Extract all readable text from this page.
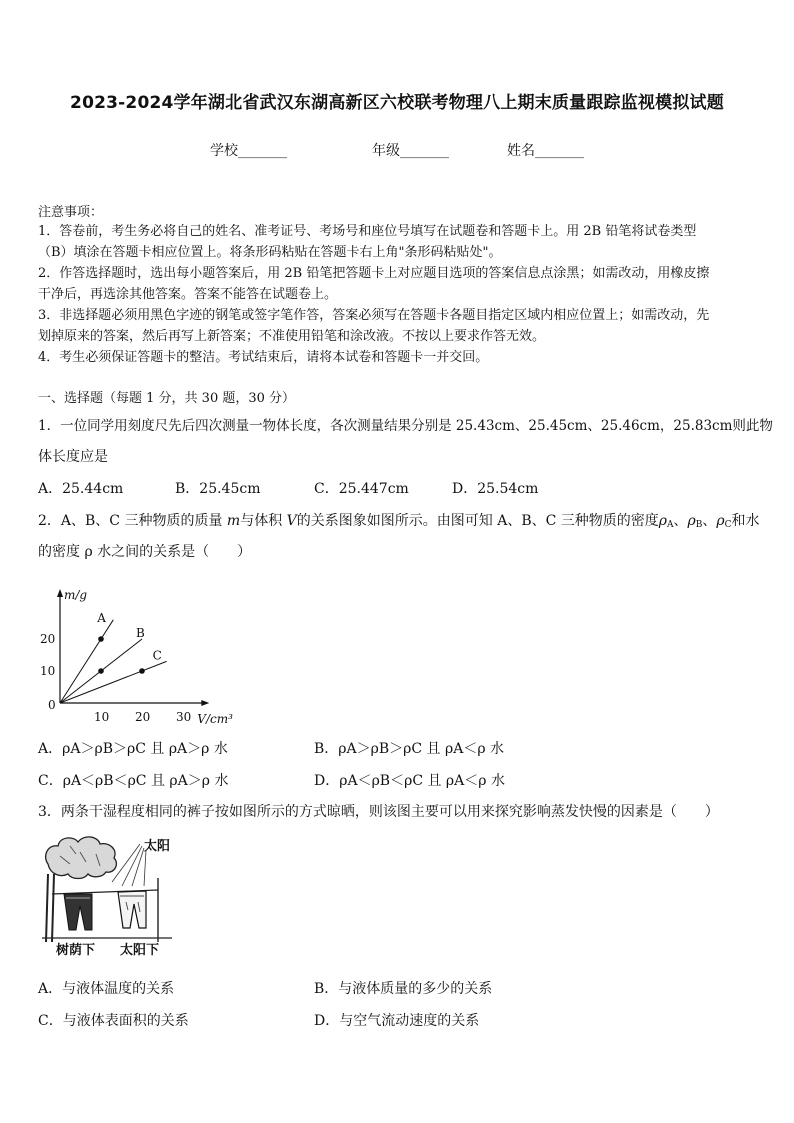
2023-2024学年湖北省武汉东湖高新区六校联考物理八上期末质量跟踪监视模拟试题
学校_______	年级_______	姓名_______
注意事项：
1．答卷前，考生务必将自己的姓名、准考证号、考场号和座位号填写在试题卷和答题卡上。用 2B 铅笔将试卷类型
（B）填涂在答题卡相应位置上。将条形码粘贴在答题卡右上角"条形码粘贴处"。
2．作答选择题时，选出每小题答案后，用 2B 铅笔把答题卡上对应题目选项的答案信息点涂黑；如需改动，用橡皮擦
干净后，再选涂其他答案。答案不能答在试题卷上。
3．非选择题必须用黑色字迹的钢笔或签字笔作答，答案必须写在答题卡各题目指定区域内相应位置上；如需改动，先
划掉原来的答案，然后再写上新答案；不准使用铅笔和涂改液。不按以上要求作答无效。
4．考生必须保证答题卡的整洁。考试结束后，请将本试卷和答题卡一并交回。
一、选择题（每题 1 分，共 30 题，30 分）
1．一位同学用刻度尺先后四次测量一物体长度，各次测量结果分别是 25.43cm、25.45cm、25.46cm，25.83cm则此物
体长度应是
A．25.44cm	B．25.45cm	C．25.447cm	D．25.54cm
2．A、B、C 三种物质的质量 m与体积 V的关系图象如图所示。由图可知 A、B、C 三种物质的密度$\rho_A$、$\rho_B$、$\rho_C$和水
的密度 ρ 水之间的关系是（　　）
m/g
V/cm³
0
10 20 30
10
20
A
B
C
A．ρA＞ρB＞ρC 且 ρA＞ρ 水	B．ρA＞ρB＞ρC 且 ρA＜ρ 水
C．ρA＜ρB＜ρC 且 ρA＞ρ 水	D．ρA＜ρB＜ρC 且 ρA＜ρ 水
3．两条干湿程度相同的裤子按如图所示的方式晾晒，则该图主要可以用来探究影响蒸发快慢的因素是（　　）
太阳
树荫下 太阳下
A．与液体温度的关系	B．与液体质量的多少的关系
C．与液体表面积的关系	D．与空气流动速度的关系
